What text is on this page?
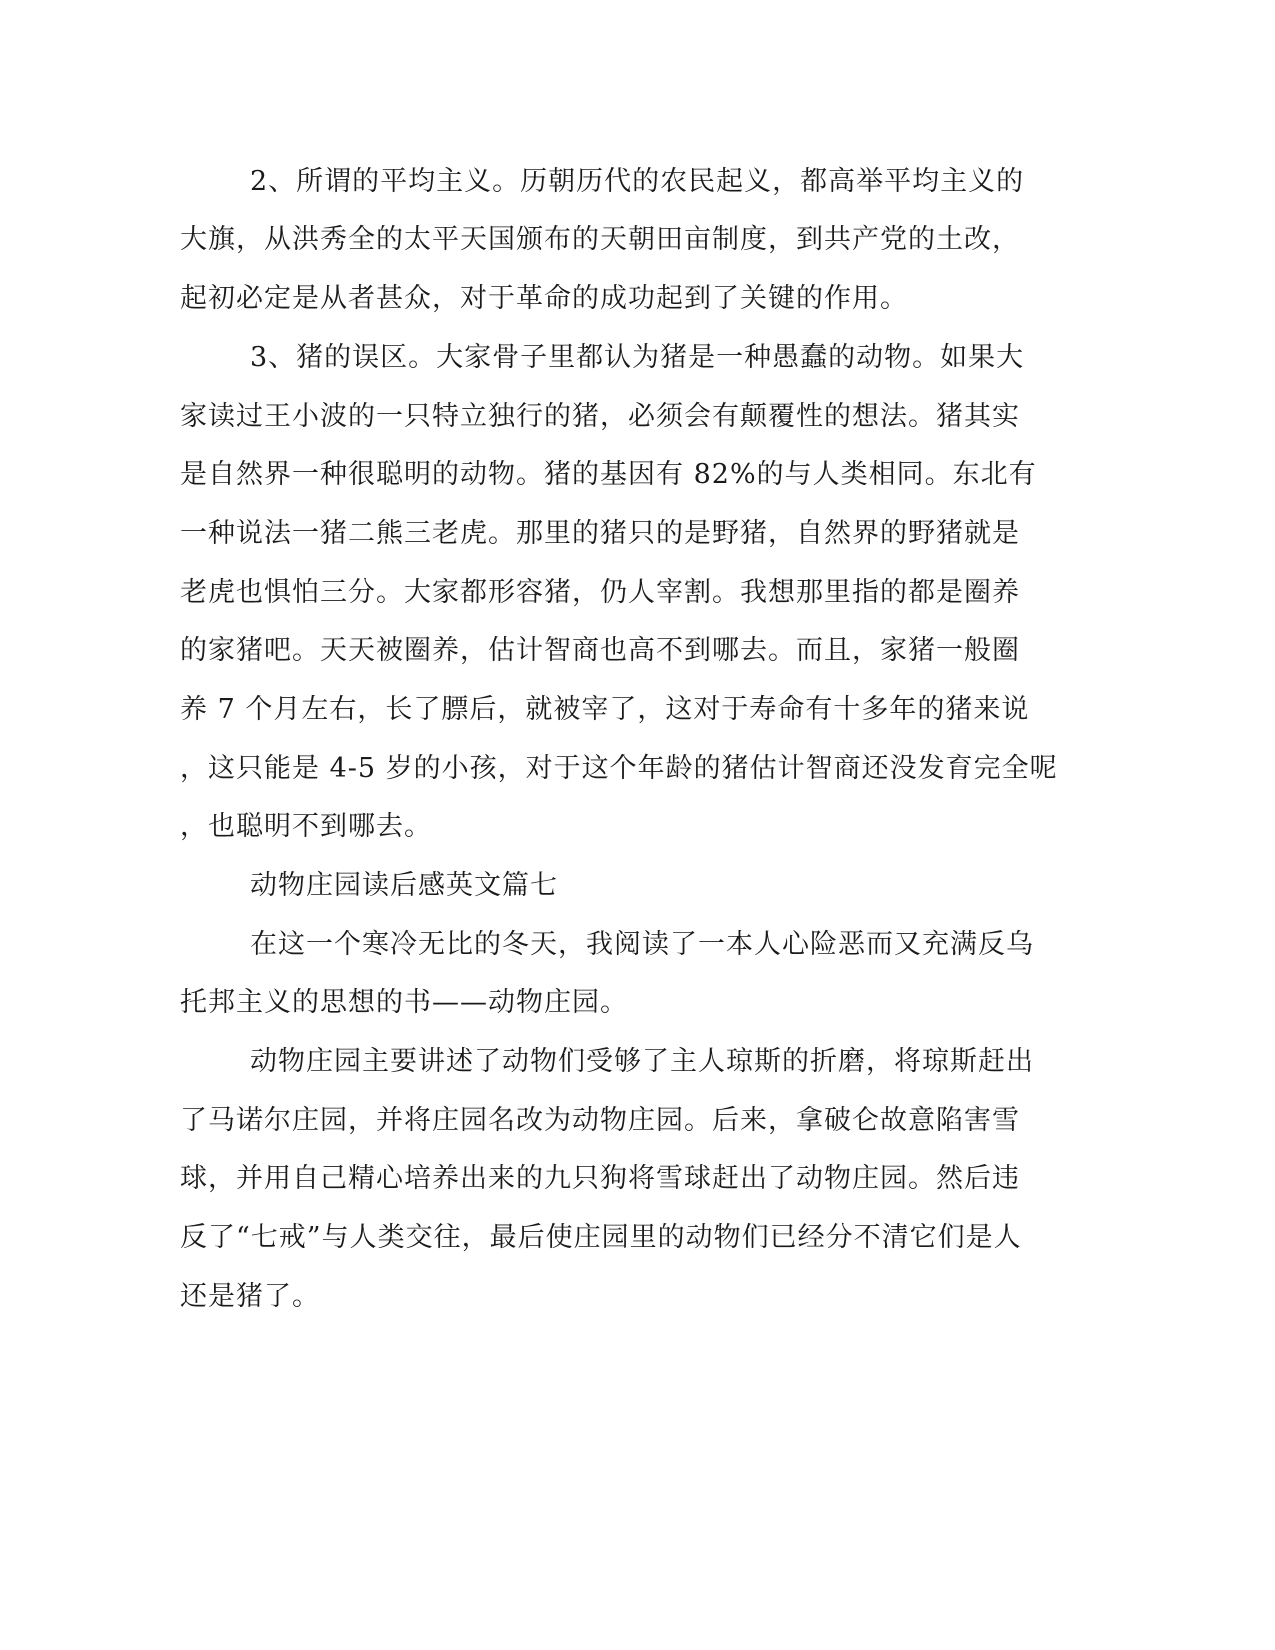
2、所谓的平均主义。历朝历代的农民起义，都高举平均主义的
大旗，从洪秀全的太平天国颁布的天朝田亩制度，到共产党的土改，
起初必定是从者甚众，对于革命的成功起到了关键的作用。
3、猪的误区。大家骨子里都认为猪是一种愚蠢的动物。如果大
家读过王小波的一只特立独行的猪，必须会有颠覆性的想法。猪其实
是自然界一种很聪明的动物。猪的基因有 82%的与人类相同。东北有
一种说法一猪二熊三老虎。那里的猪只的是野猪，自然界的野猪就是
老虎也惧怕三分。大家都形容猪，仍人宰割。我想那里指的都是圈养
的家猪吧。天天被圈养，估计智商也高不到哪去。而且，家猪一般圈
养 7 个月左右，长了膘后，就被宰了，这对于寿命有十多年的猪来说
，这只能是 4-5 岁的小孩，对于这个年龄的猪估计智商还没发育完全呢
，也聪明不到哪去。
动物庄园读后感英文篇七
在这一个寒冷无比的冬天，我阅读了一本人心险恶而又充满反乌
托邦主义的思想的书——动物庄园。
动物庄园主要讲述了动物们受够了主人琼斯的折磨，将琼斯赶出
了马诺尔庄园，并将庄园名改为动物庄园。后来，拿破仑故意陷害雪
球，并用自己精心培养出来的九只狗将雪球赶出了动物庄园。然后违
反了“七戒”与人类交往，最后使庄园里的动物们已经分不清它们是人
还是猪了。
